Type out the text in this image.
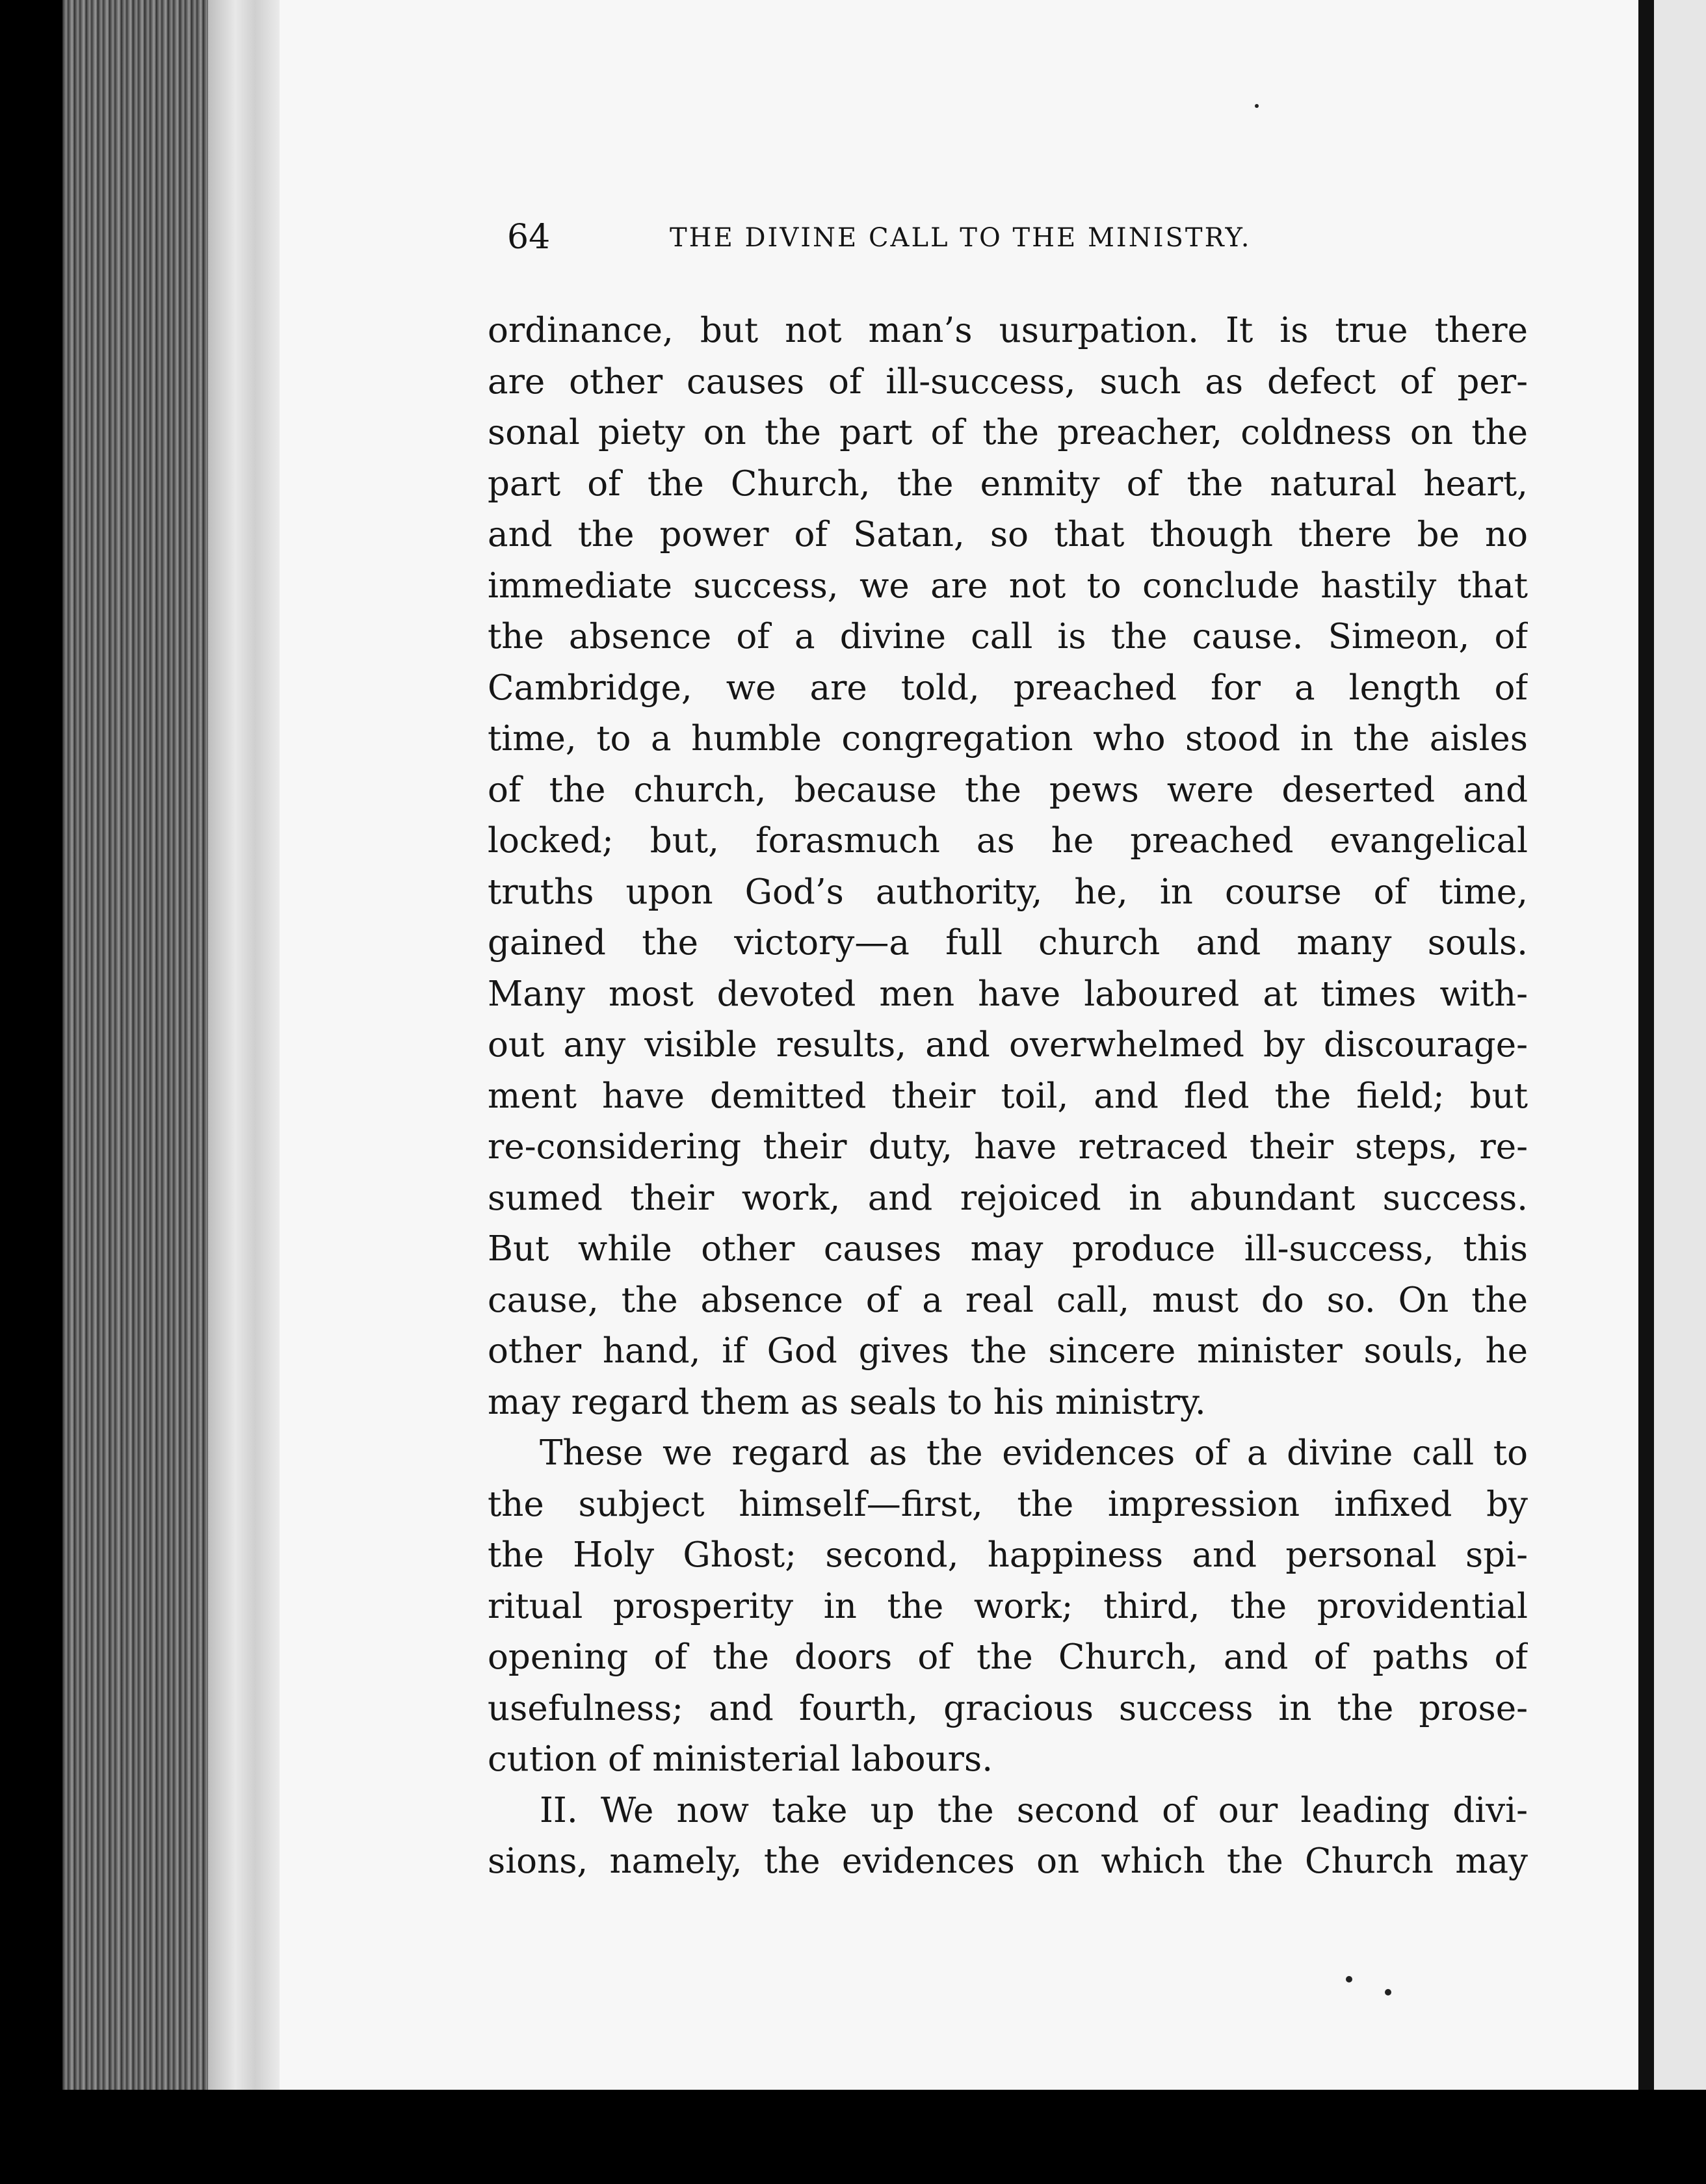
64	THE DIVINE CALL TO THE MINISTRY.
ordinance, but not man’s usurpation. It is true there
are other causes of ill-success, such as defect of per-
sonal piety on the part of the preacher, coldness on the
part of the Church, the enmity of the natural heart,
and the power of Satan, so that though there be no
immediate success, we are not to conclude hastily that
the absence of a divine call is the cause. Simeon, of
Cambridge, we are told, preached for a length of
time, to a humble congregation who stood in the aisles
of the church, because the pews were deserted and
locked; but, forasmuch as he preached evangelical
truths upon God’s authority, he, in course of time,
gained the victory—a full church and many souls.
Many most devoted men have laboured at times with-
out any visible results, and overwhelmed by discourage-
ment have demitted their toil, and fled the field; but
re-considering their duty, have retraced their steps, re-
sumed their work, and rejoiced in abundant success.
But while other causes may produce ill-success, this
cause, the absence of a real call, must do so. On the
other hand, if God gives the sincere minister souls, he
may regard them as seals to his ministry.
These we regard as the evidences of a divine call to
the subject himself—first, the impression infixed by
the Holy Ghost; second, happiness and personal spi-
ritual prosperity in the work; third, the providential
opening of the doors of the Church, and of paths of
usefulness; and fourth, gracious success in the prose-
cution of ministerial labours.
II. We now take up the second of our leading divi-
sions, namely, the evidences on which the Church may
